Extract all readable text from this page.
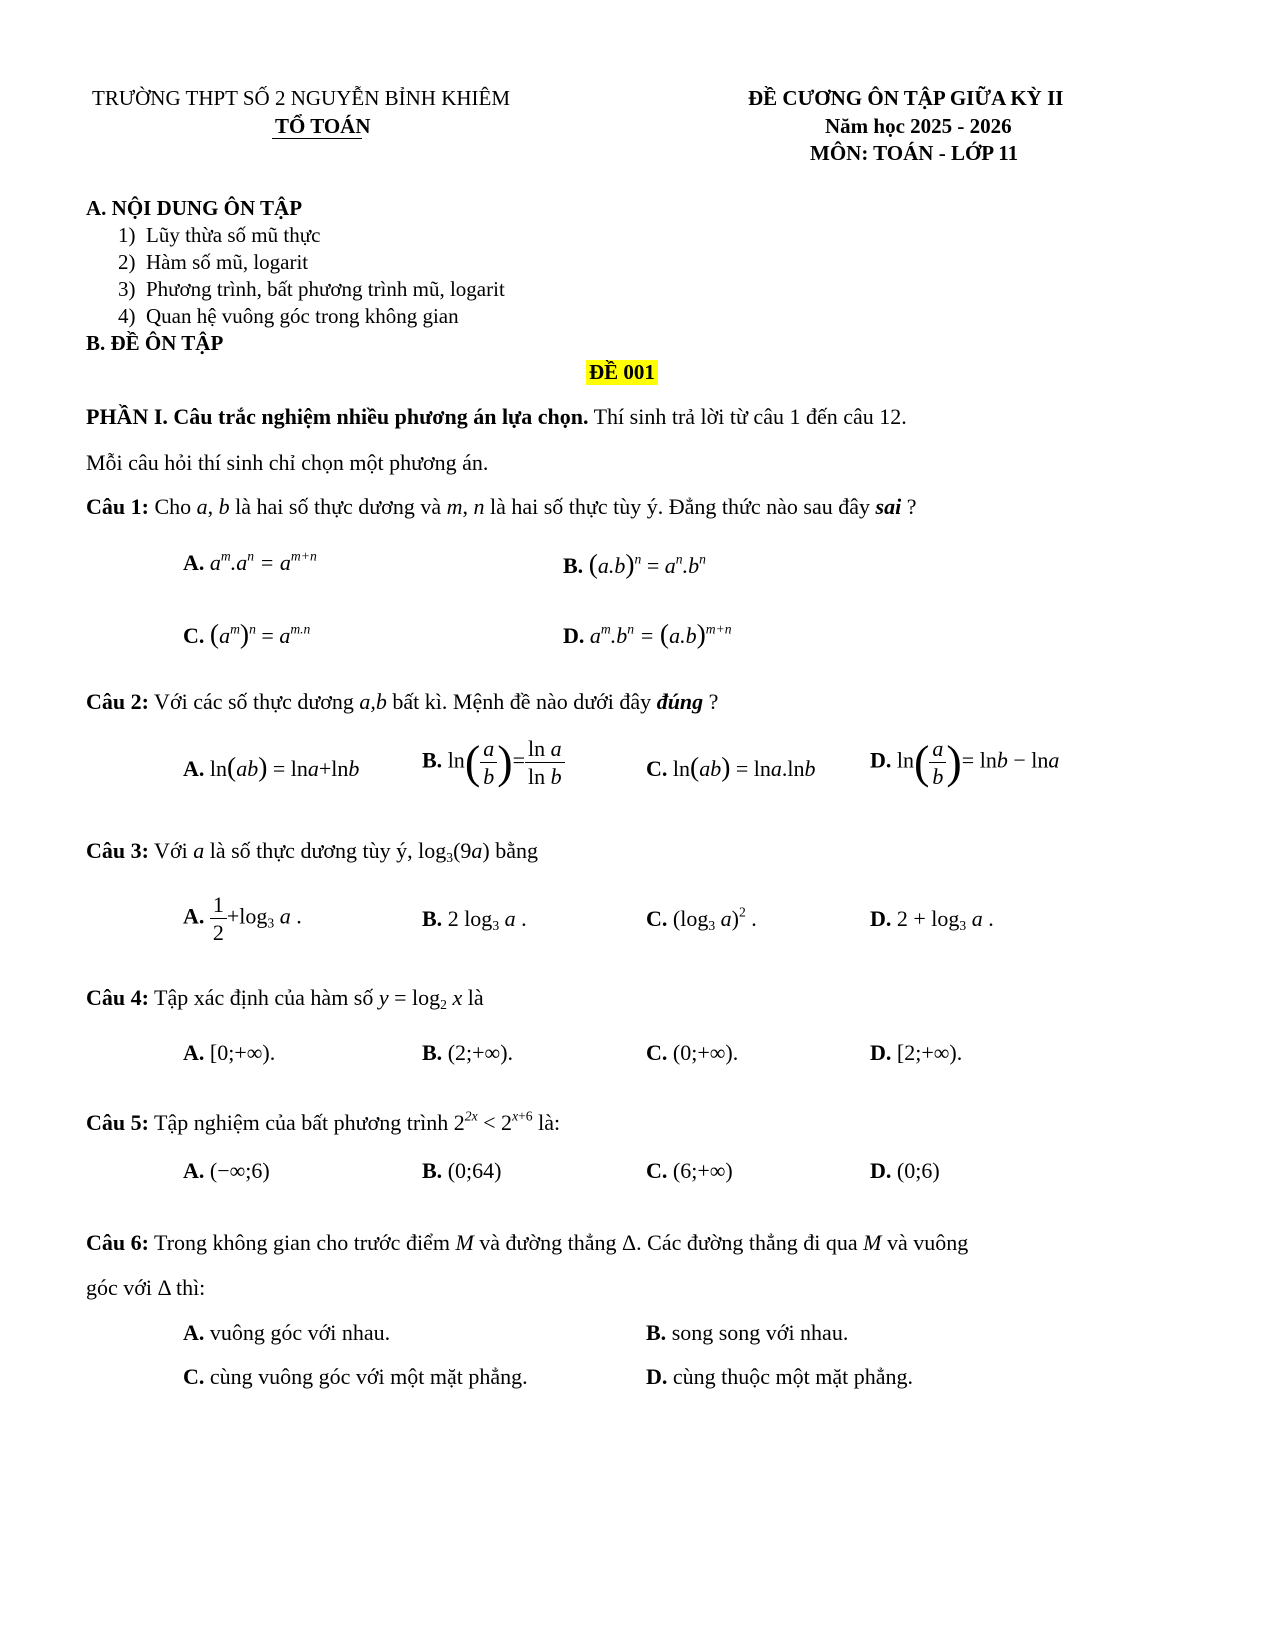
TRƯỜNG THPT SỐ 2 NGUYỄN BỈNH KHIÊM
TỔ TOÁN
ĐỀ CƯƠNG ÔN TẬP GIỮA KỲ II
Năm học 2025 - 2026
MÔN: TOÁN - LỚP 11
A. NỘI DUNG ÔN TẬP
1) Lũy thừa số mũ thực
2) Hàm số mũ, logarit
3) Phương trình, bất phương trình mũ, logarit
4) Quan hệ vuông góc trong không gian
B. ĐỀ ÔN TẬP
ĐỀ 001
PHẦN I. Câu trắc nghiệm nhiều phương án lựa chọn. Thí sinh trả lời từ câu 1 đến câu 12.
Mỗi câu hỏi thí sinh chỉ chọn một phương án.
Câu 1: Cho a, b là hai số thực dương và m, n là hai số thực tùy ý. Đẳng thức nào sau đây sai ?
A. $a^m.a^n = a^{m+n}$	B. $(a.b)^n = a^n.b^n$
C. $(a^m)^n = a^{m.n}$	D. $a^m.b^n = (a.b)^{m+n}$
Câu 2: Với các số thực dương a,b bất kì. Mệnh đề nào dưới đây đúng ?
A. ln(ab) = lna+lnb	B. $\ln( \frac{a}{b}$ )= $\frac{\text{ln a}}{\text{ln b}}$	C. ln(ab) = lna.lnb D. $\ln( \frac{a}{b}$ )= lnb − lna
Câu 3: Với a là số thực dương tùy ý, $\log_3(9a)$ bằng
A. $\frac{1}{2} +\log_3$ a .	B. 2 $\log_3 a$ .	C. ($\log_3$ a)$^2$ .	D. $2 + \log_3 a$ .
Câu 4: Tập xác định của hàm số $y = \log_2 x$ là
A. [0;+∞).	B. (2;+∞).	C. (0;+∞).	D. [2;+∞).
Câu 5: Tập nghiệm của bất phương trình $2^{2x} < 2^{x+6}$ là:
A. (−∞;6)	B. (0;64)	C. (6;+∞)	D. (0;6)
Câu 6: Trong không gian cho trước điểm M và đường thẳng Δ. Các đường thẳng đi qua M và vuông
góc với Δ thì:
A. vuông góc với nhau.	B. song song với nhau.
C. cùng vuông góc với một mặt phẳng.	D. cùng thuộc một mặt phẳng.
